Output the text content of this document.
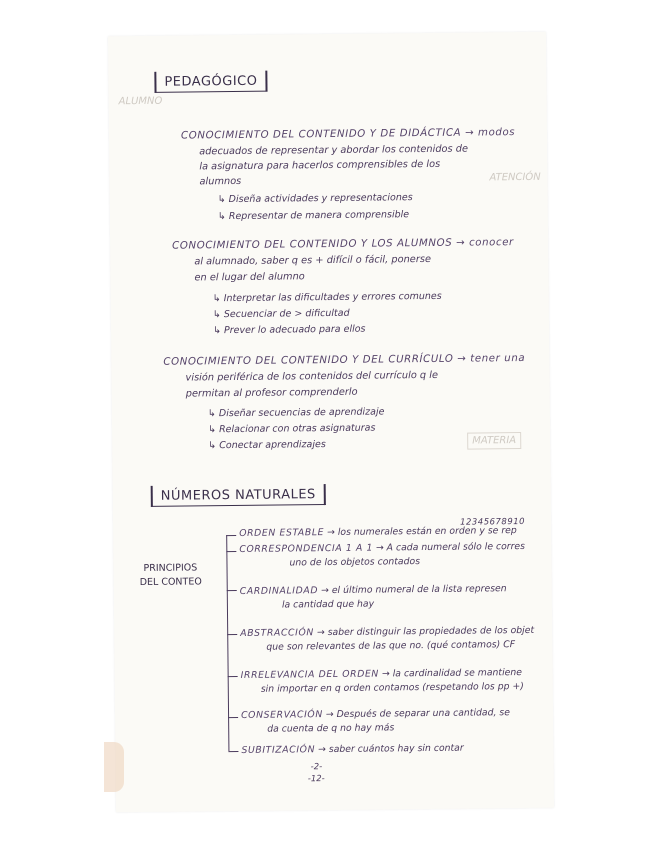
ATENCIÓN
MATERIA
ALUMNO
PEDAGÓGICO
CONOCIMIENTO DEL CONTENIDO Y DE DIDÁCTICA → modos
adecuados de representar y abordar los contenidos de
la asignatura para hacerlos comprensibles de los
alumnos
↳ Diseña actividades y representaciones
↳ Representar de manera comprensible
CONOCIMIENTO DEL CONTENIDO Y LOS ALUMNOS → conocer
al alumnado, saber q es + difícil o fácil, ponerse
en el lugar del alumno
↳ Interpretar las dificultades y errores comunes
↳ Secuenciar de > dificultad
↳ Prever lo adecuado para ellos
CONOCIMIENTO DEL CONTENIDO Y DEL CURRÍCULO → tener una
visión periférica de los contenidos del currículo q le
permitan al profesor comprenderlo
↳ Diseñar secuencias de aprendizaje
↳ Relacionar con otras asignaturas
↳ Conectar aprendizajes
NÚMEROS NATURALES
12345678910
PRINCIPIOS
DEL CONTEO
ORDEN ESTABLE → los numerales están en orden y se rep
CORRESPONDENCIA 1 A 1 → A cada numeral sólo le corres
uno de los objetos contados
CARDINALIDAD → el último numeral de la lista represen
la cantidad que hay
ABSTRACCIÓN → saber distinguir las propiedades de los objet
que son relevantes de las que no. (qué contamos) CF
IRRELEVANCIA DEL ORDEN → la cardinalidad se mantiene
sin importar en q orden contamos (respetando los pp +)
CONSERVACIÓN → Después de separar una cantidad, se
da cuenta de q no hay más
SUBITIZACIÓN → saber cuántos hay sin contar
-2-
-12-
